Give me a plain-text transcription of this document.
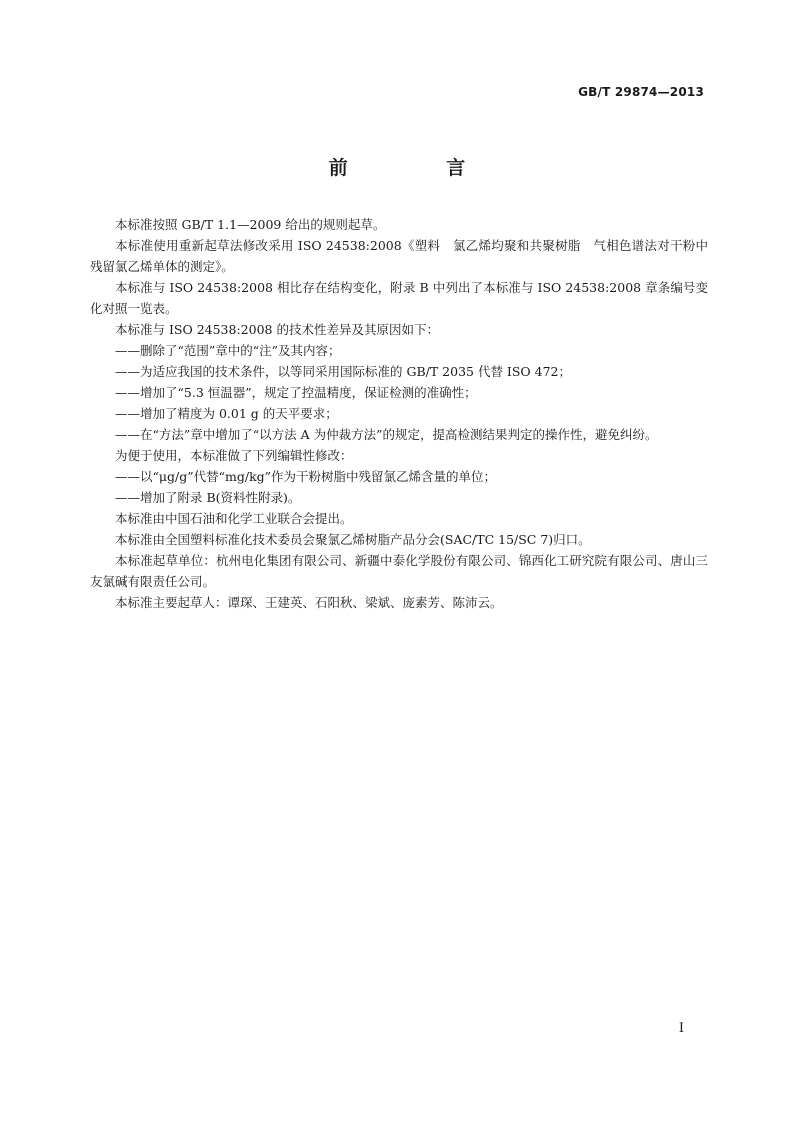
GB/T 29874—2013
前 言

本标准按照 GB/T 1.1—2009 给出的规则起草。

本标准使用重新起草法修改采用 ISO 24538:2008《塑料　氯乙烯均聚和共聚树脂　气相色谱法对干粉中残留氯乙烯单体的测定》。

本标准与 ISO 24538:2008 相比存在结构变化，附录 B 中列出了本标准与 ISO 24538:2008 章条编号变化对照一览表。

本标准与 ISO 24538:2008 的技术性差异及其原因如下：

——删除了“范围”章中的“注”及其内容；

——为适应我国的技术条件，以等同采用国际标准的 GB/T 2035 代替 ISO 472；

——增加了“5.3 恒温器”，规定了控温精度，保证检测的准确性；

——增加了精度为 0.01 g 的天平要求；

——在“方法”章中增加了“以方法 A 为仲裁方法”的规定，提高检测结果判定的操作性，避免纠纷。

为便于使用，本标准做了下列编辑性修改：

——以“μg/g”代替“mg/kg”作为干粉树脂中残留氯乙烯含量的单位；

——增加了附录 B(资料性附录)。

本标准由中国石油和化学工业联合会提出。

本标准由全国塑料标准化技术委员会聚氯乙烯树脂产品分会(SAC/TC 15/SC 7)归口。

本标准起草单位：杭州电化集团有限公司、新疆中泰化学股份有限公司、锦西化工研究院有限公司、唐山三友氯碱有限责任公司。

本标准主要起草人：谭琛、王建英、石阳秋、梁斌、庞素芳、陈沛云。

I
